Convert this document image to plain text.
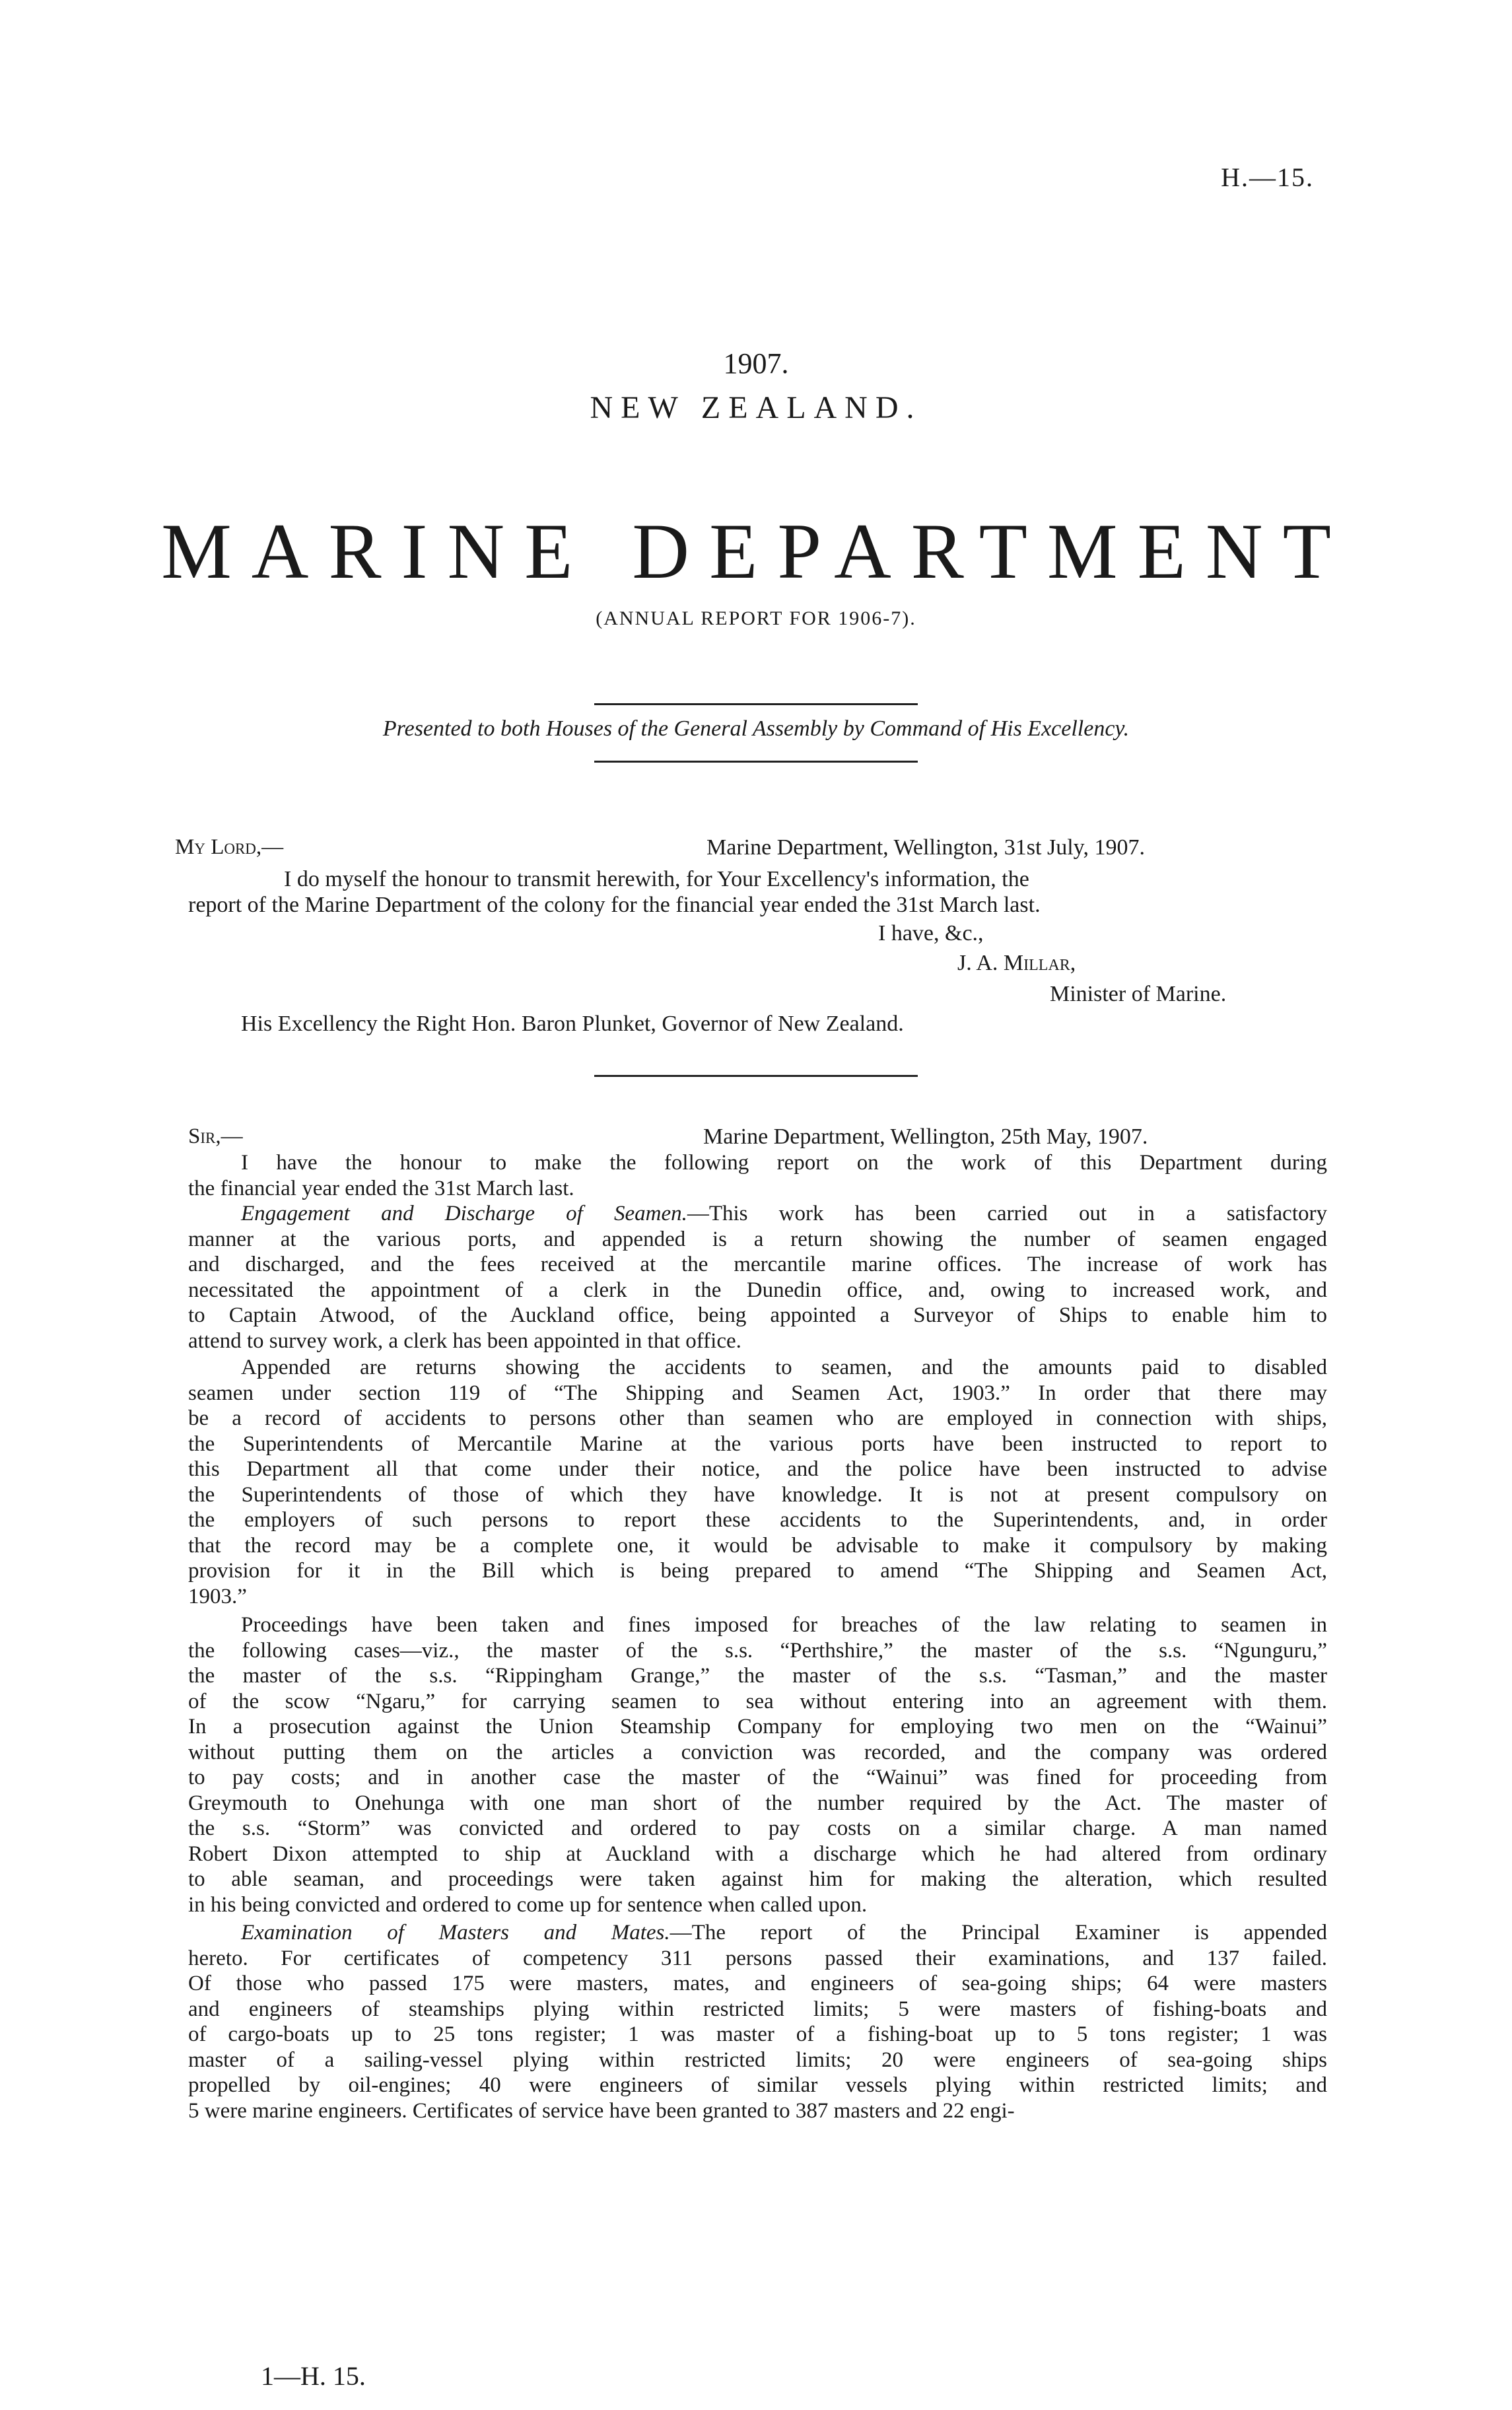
H.—15.
1907.
NEW ZEALAND.
MARINE DEPARTMENT
(ANNUAL REPORT FOR 1906-7).
Presented to both Houses of the General Assembly by Command of His Excellency.
My Lord,—	Marine Department, Wellington, 31st July, 1907.
I do myself the honour to transmit herewith, for Your Excellency's information, the
report of the Marine Department of the colony for the financial year ended the 31st March last.
I have, &c.,
J. A. Millar,
Minister of Marine.
His Excellency the Right Hon. Baron Plunket, Governor of New Zealand.
Sir,—	Marine Department, Wellington, 25th May, 1907.
I have the honour to make the following report on the work of this Department during
the financial year ended the 31st March last.
Engagement and Discharge of Seamen.—This work has been carried out in a satisfactory
manner at the various ports, and appended is a return showing the number of seamen engaged
and discharged, and the fees received at the mercantile marine offices. The increase of work has
necessitated the appointment of a clerk in the Dunedin office, and, owing to increased work, and
to Captain Atwood, of the Auckland office, being appointed a Surveyor of Ships to enable him to
attend to survey work, a clerk has been appointed in that office.
Appended are returns showing the accidents to seamen, and the amounts paid to disabled
seamen under section 119 of “The Shipping and Seamen Act, 1903.” In order that there may
be a record of accidents to persons other than seamen who are employed in connection with ships,
the Superintendents of Mercantile Marine at the various ports have been instructed to report to
this Department all that come under their notice, and the police have been instructed to advise
the Superintendents of those of which they have knowledge. It is not at present compulsory on
the employers of such persons to report these accidents to the Superintendents, and, in order
that the record may be a complete one, it would be advisable to make it compulsory by making
provision for it in the Bill which is being prepared to amend “The Shipping and Seamen Act,
1903.”
Proceedings have been taken and fines imposed for breaches of the law relating to seamen in
the following cases—viz., the master of the s.s. “Perthshire,” the master of the s.s. “Ngunguru,”
the master of the s.s. “Rippingham Grange,” the master of the s.s. “Tasman,” and the master
of the scow “Ngaru,” for carrying seamen to sea without entering into an agreement with them.
In a prosecution against the Union Steamship Company for employing two men on the “Wainui”
without putting them on the articles a conviction was recorded, and the company was ordered
to pay costs; and in another case the master of the “Wainui” was fined for proceeding from
Greymouth to Onehunga with one man short of the number required by the Act. The master of
the s.s. “Storm” was convicted and ordered to pay costs on a similar charge. A man named
Robert Dixon attempted to ship at Auckland with a discharge which he had altered from ordinary
to able seaman, and proceedings were taken against him for making the alteration, which resulted
in his being convicted and ordered to come up for sentence when called upon.
Examination of Masters and Mates.—The report of the Principal Examiner is appended
hereto. For certificates of competency 311 persons passed their examinations, and 137 failed.
Of those who passed 175 were masters, mates, and engineers of sea-going ships; 64 were masters
and engineers of steamships plying within restricted limits; 5 were masters of fishing-boats and
of cargo-boats up to 25 tons register; 1 was master of a fishing-boat up to 5 tons register; 1 was
master of a sailing-vessel plying within restricted limits; 20 were engineers of sea-going ships
propelled by oil-engines; 40 were engineers of similar vessels plying within restricted limits; and
5 were marine engineers. Certificates of service have been granted to 387 masters and 22 engi-
1—H. 15.
